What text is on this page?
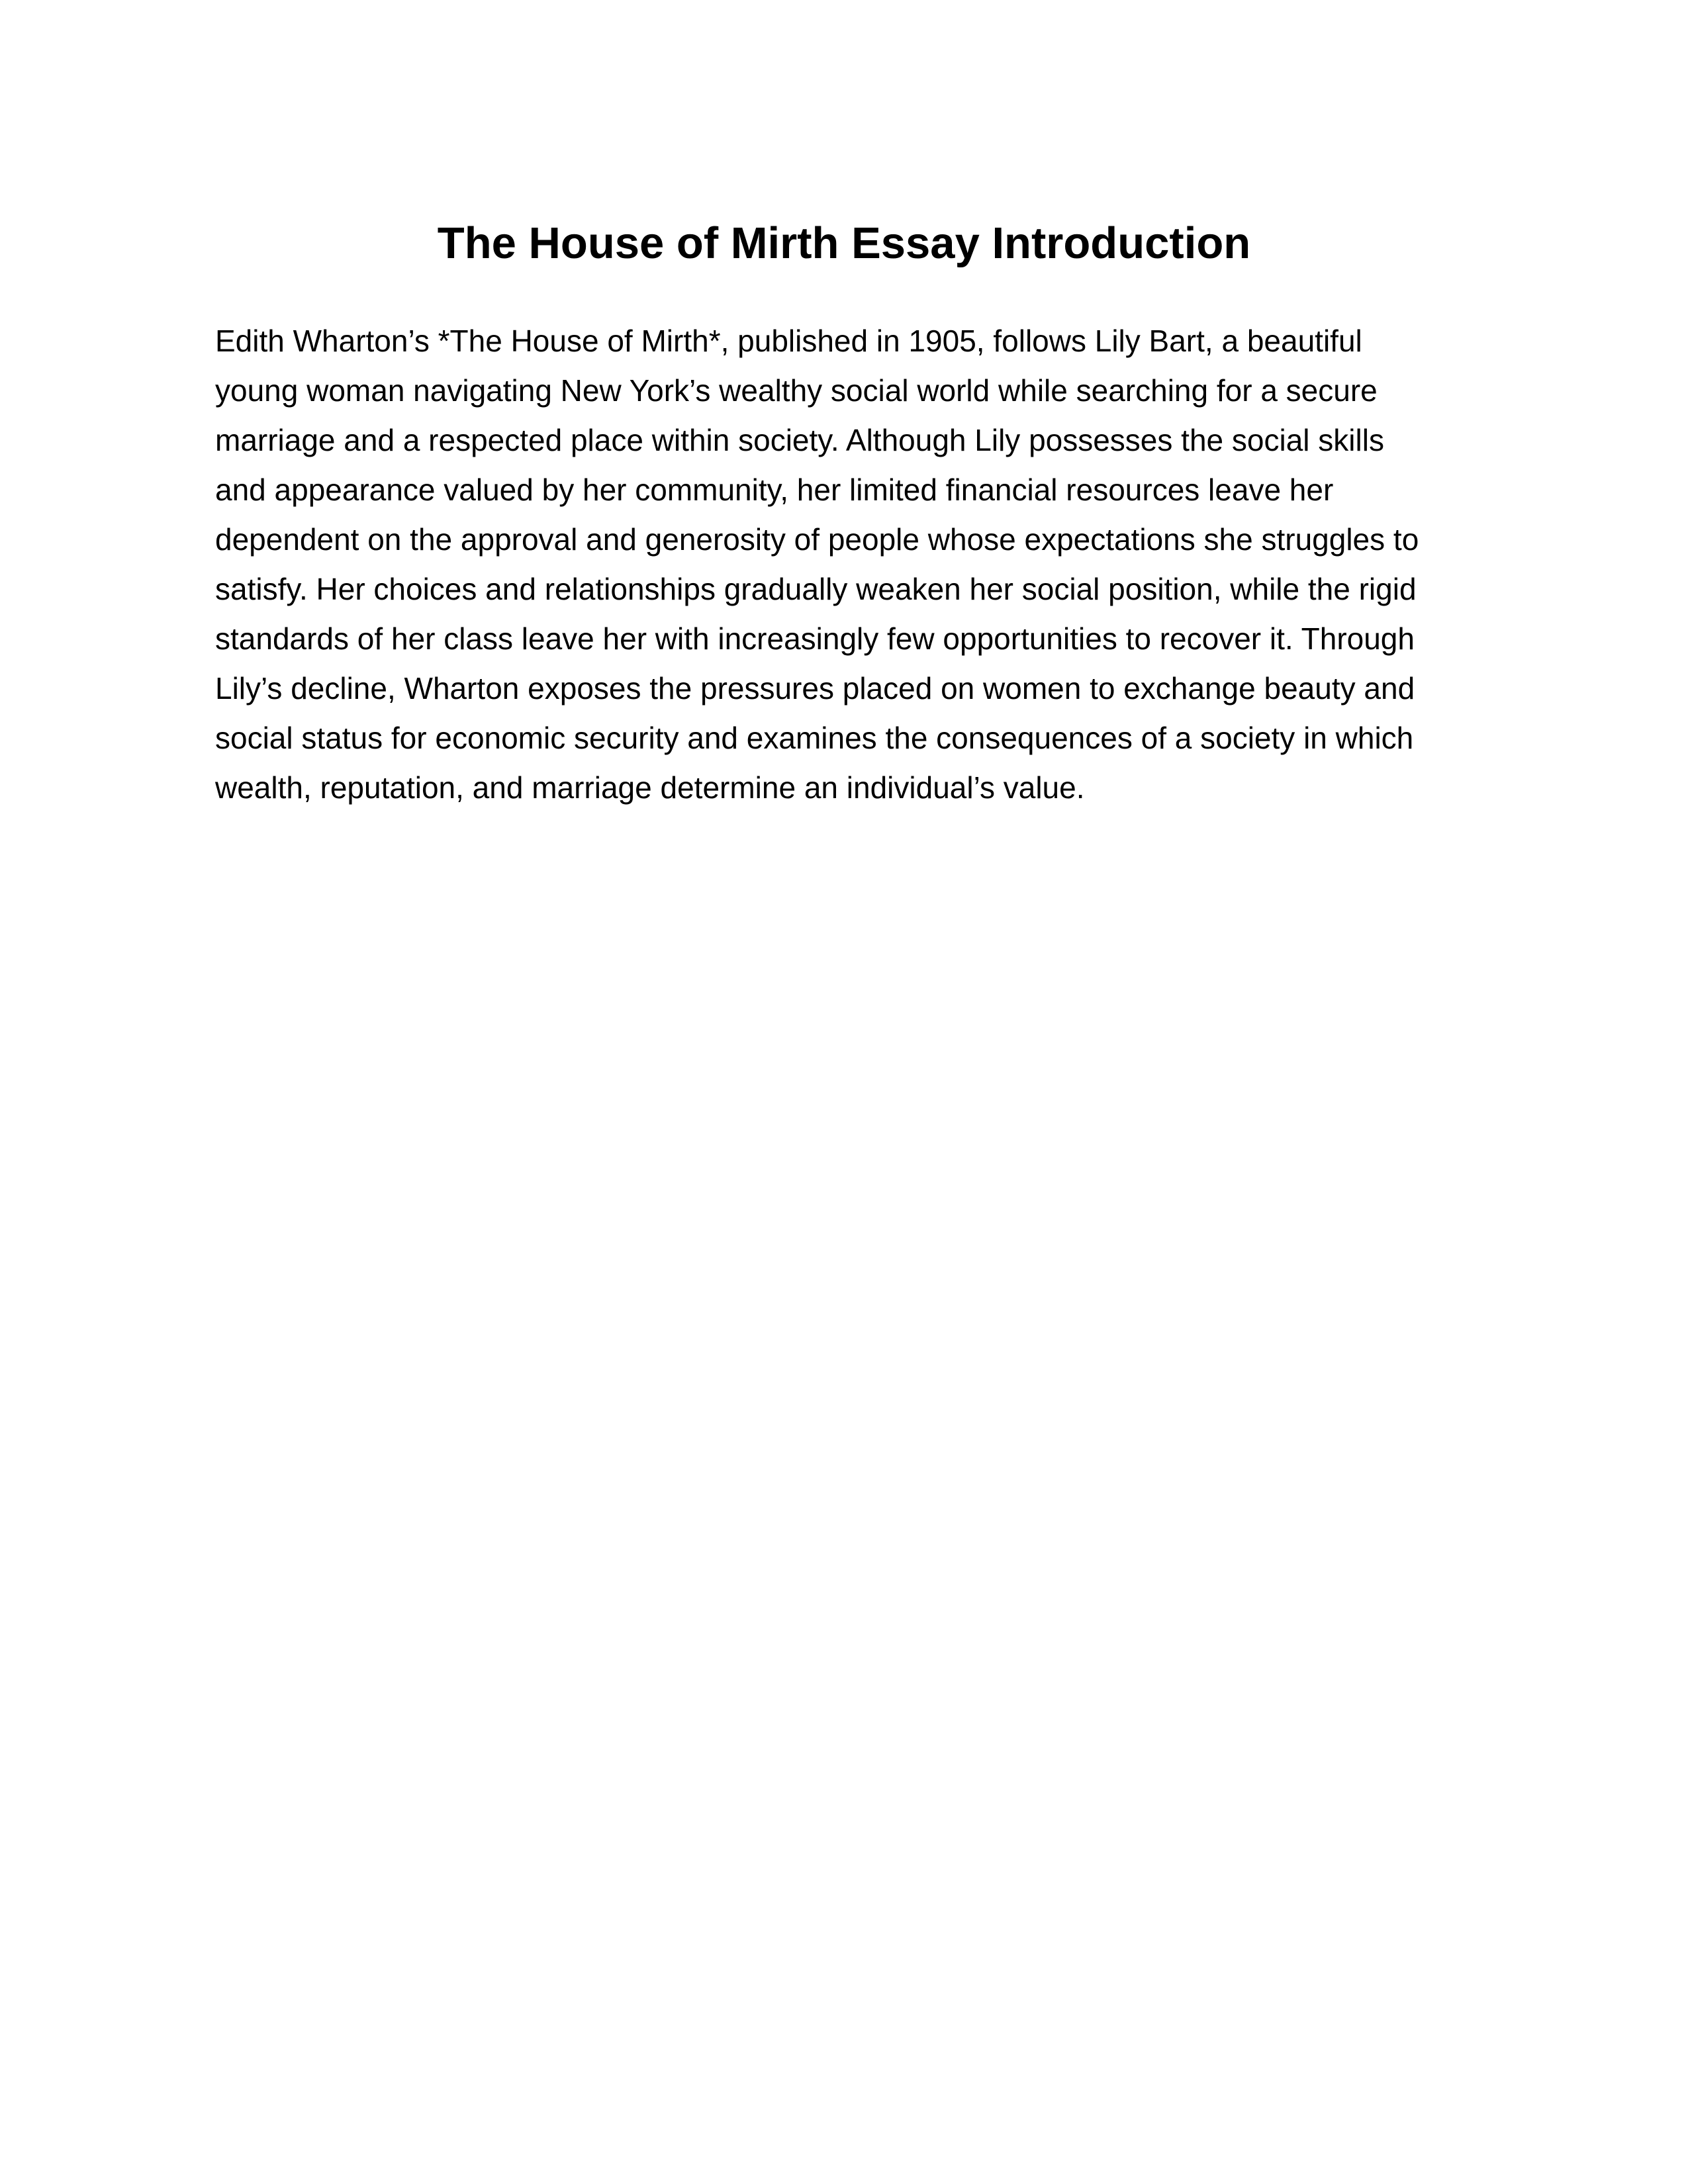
The House of Mirth Essay Introduction
Edith Wharton’s *The House of Mirth*, published in 1905, follows Lily Bart, a beautiful
young woman navigating New York’s wealthy social world while searching for a secure
marriage and a respected place within society. Although Lily possesses the social skills
and appearance valued by her community, her limited financial resources leave her
dependent on the approval and generosity of people whose expectations she struggles to
satisfy. Her choices and relationships gradually weaken her social position, while the rigid
standards of her class leave her with increasingly few opportunities to recover it. Through
Lily’s decline, Wharton exposes the pressures placed on women to exchange beauty and
social status for economic security and examines the consequences of a society in which
wealth, reputation, and marriage determine an individual’s value.
